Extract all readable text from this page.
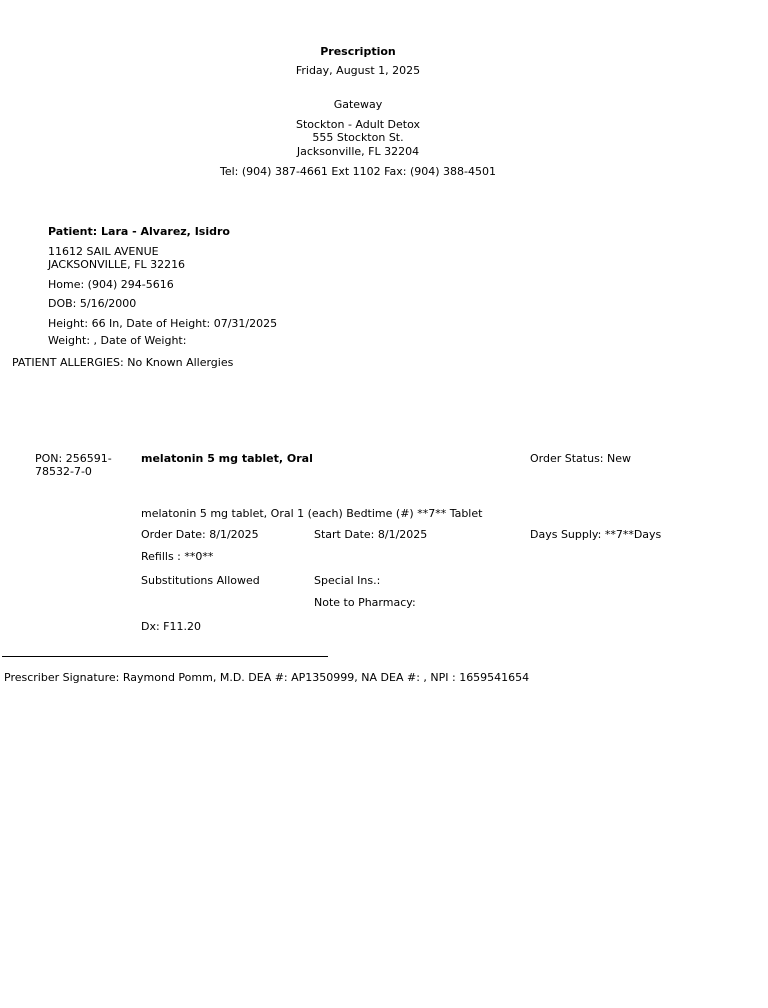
Prescription
Friday, August 1, 2025
Gateway
Stockton - Adult Detox
555 Stockton St.
Jacksonville, FL 32204
Tel: (904) 387-4661 Ext 1102 Fax: (904) 388-4501
Patient: Lara - Alvarez, Isidro
11612 SAIL AVENUE
JACKSONVILLE, FL 32216
Home: (904) 294-5616
DOB: 5/16/2000
Height: 66 In, Date of Height: 07/31/2025
Weight: , Date of Weight:
PATIENT ALLERGIES: No Known Allergies
PON: 256591-
78532-7-0
melatonin 5 mg tablet, Oral	Order Status: New
melatonin 5 mg tablet, Oral 1 (each) Bedtime (#) **7** Tablet
Order Date: 8/1/2025	Start Date: 8/1/2025	Days Supply: **7**Days
Refills : **0**
Substitutions Allowed	Special Ins.:
Note to Pharmacy:
Dx: F11.20
Prescriber Signature: Raymond Pomm, M.D. DEA #: AP1350999, NA DEA #: , NPI : 1659541654
